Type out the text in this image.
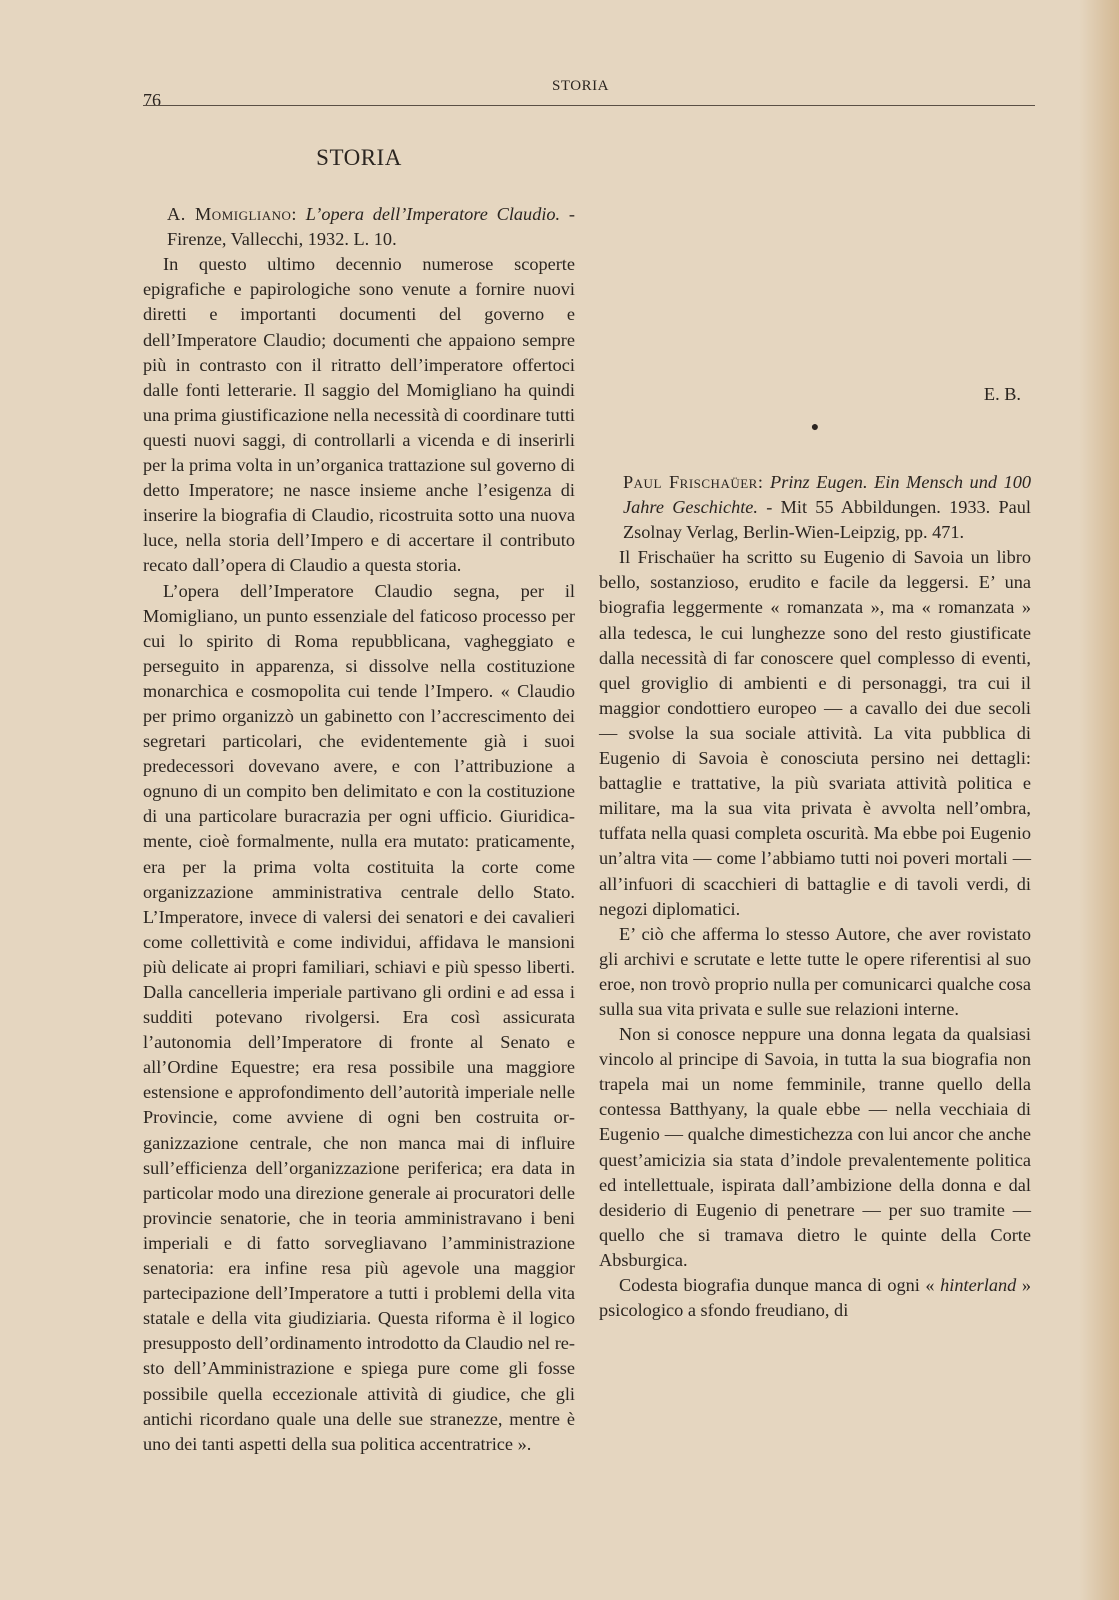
76
STORIA
STORIA

A. Momigliano: L’opera dell’Imperatore Claudio. - Firenze, Vallecchi, 1932. L. 10.

In questo ultimo decennio numerose scoperte epigrafiche e papirologiche sono venute a fornire nuovi diretti e importanti documenti del governo e dell’Imperatore Claudio; documenti che appaiono sempre più in contrasto con il ritratto dell’imperatore offertoci dalle fonti letterarie. Il saggio del Momigliano ha quindi una prima giustificazione nella necessità di coordinare tutti questi nuovi saggi, di controllarli a vicenda e di inserirli per la prima volta in un’organica trattazione sul governo di detto Imperatore; ne nasce insieme anche l’esigenza di inserire la biografia di Claudio, ricostruita sotto una nuova luce, nella storia dell’Impero e di accertare il contributo recato dall’opera di Claudio a questa storia.

L’opera dell’Imperatore Claudio segna, per il Momigliano, un punto essenziale del faticoso processo per cui lo spirito di Roma repubblicana, vagheggiato e perseguito in apparenza, si dissolve nella costituzione monarchica e cosmopolita cui tende l’Impero. « Claudio per primo organizzò un gabinetto con l’accrescimento dei segretari particolari, che evidentemente già i suoi predecessori dovevano avere, e con l’attribuzione a ognuno di un compito ben delimitato e con la costituzione di una particolare buracrazia per ogni ufficio. Giuridicamente, cioè formalmente, nulla era mutato: praticamente, era per la prima volta costituita la corte come organizzazione amministrativa centrale dello Stato. L’Imperatore, invece di valersi dei senatori e dei cavalieri come collettività e come individui, affidava le mansioni più delicate ai propri familiari, schiavi e più spesso liberti. Dalla cancelleria imperiale partivano gli ordini e ad essa i sudditi potevano rivolgersi. Era così assicurata l’autonomia dell’Imperatore di fronte al Senato e all’Ordine Equestre; era resa possibile una maggiore estensione e approfondimento dell’autorità imperiale nelle Provincie, come avviene di ogni ben costruita organizzazione centrale, che non manca mai di influire sull’efficienza dell’organizzazione periferica; era data in particolar modo una direzione generale ai procuratori delle provincie senatorie, che in teoria amministravano i beni imperiali e di fatto sorvegliavano l’amministrazione senatoria: era infine resa più agevole una maggior partecipazione dell’Imperatore a tutti i problemi della vita statale e della vita giudiziaria. Questa riforma è il logico presupposto dell’ordinamento introdotto da Claudio nel resto dell’Amministrazione e spiega pure come gli fosse possibile quella eccezionale attività di giudice, che gli antichi ricordano quale una delle sue stranezze, mentre è uno dei tanti aspetti della sua politica accentratrice ».

Paul Frischaüer: Prinz Eugen. Ein Mensch und 100 Jahre Geschichte. - Mit 55 Abbildungen. 1933. Paul Zsolnay Verlag, Berlin-Wien-Leipzig, pp. 471.

Il Frischaüer ha scritto su Eugenio di Savoia un libro bello, sostanzioso, erudito e facile da leggersi. E’ una biografia leggermente « romanzata », ma « romanzata » alla tedesca, le cui lunghezze sono del resto giustificate dalla necessità di far conoscere quel complesso di eventi, quel groviglio di ambienti e di personaggi, tra cui il maggior condottiero europeo — a cavallo dei due secoli — svolse la sua sociale attività. La vita pubblica di Eugenio di Savoia è conosciuta persino nei dettagli: battaglie e trattative, la più svariata attività politica e militare, ma la sua vita privata è avvolta nell’ombra, tuffata nella quasi completa oscurità. Ma ebbe poi Eugenio un’altra vita — come l’abbiamo tutti noi poveri mortali — all’infuori di scacchieri di battaglie e di tavoli verdi, di negozi diplomatici.

E’ ciò che afferma lo stesso Autore, che aver rovistato gli archivi e scrutate e lette tutte le opere riferentisi al suo eroe, non trovò proprio nulla per comunicarci qualche cosa sulla sua vita privata e sulle sue relazioni interne.

Non si conosce neppure una donna legata da qualsiasi vincolo al principe di Savoia, in tutta la sua biografia non trapela mai un nome femminile, tranne quello della contessa Batthyany, la quale ebbe — nella vecchiaia di Eugenio — qualche dimestichezza con lui ancor che anche quest’amicizia sia stata d’indole prevalentemente politica ed intellettuale, ispirata dall’ambizione della donna e dal desiderio di Eugenio di penetrare — per suo tramite — quello che si tramava dietro le quinte della Corte Absburgica.

Codesta biografia dunque manca di ogni « hinterland » psicologico a sfondo freudiano, di

E. B.
●
